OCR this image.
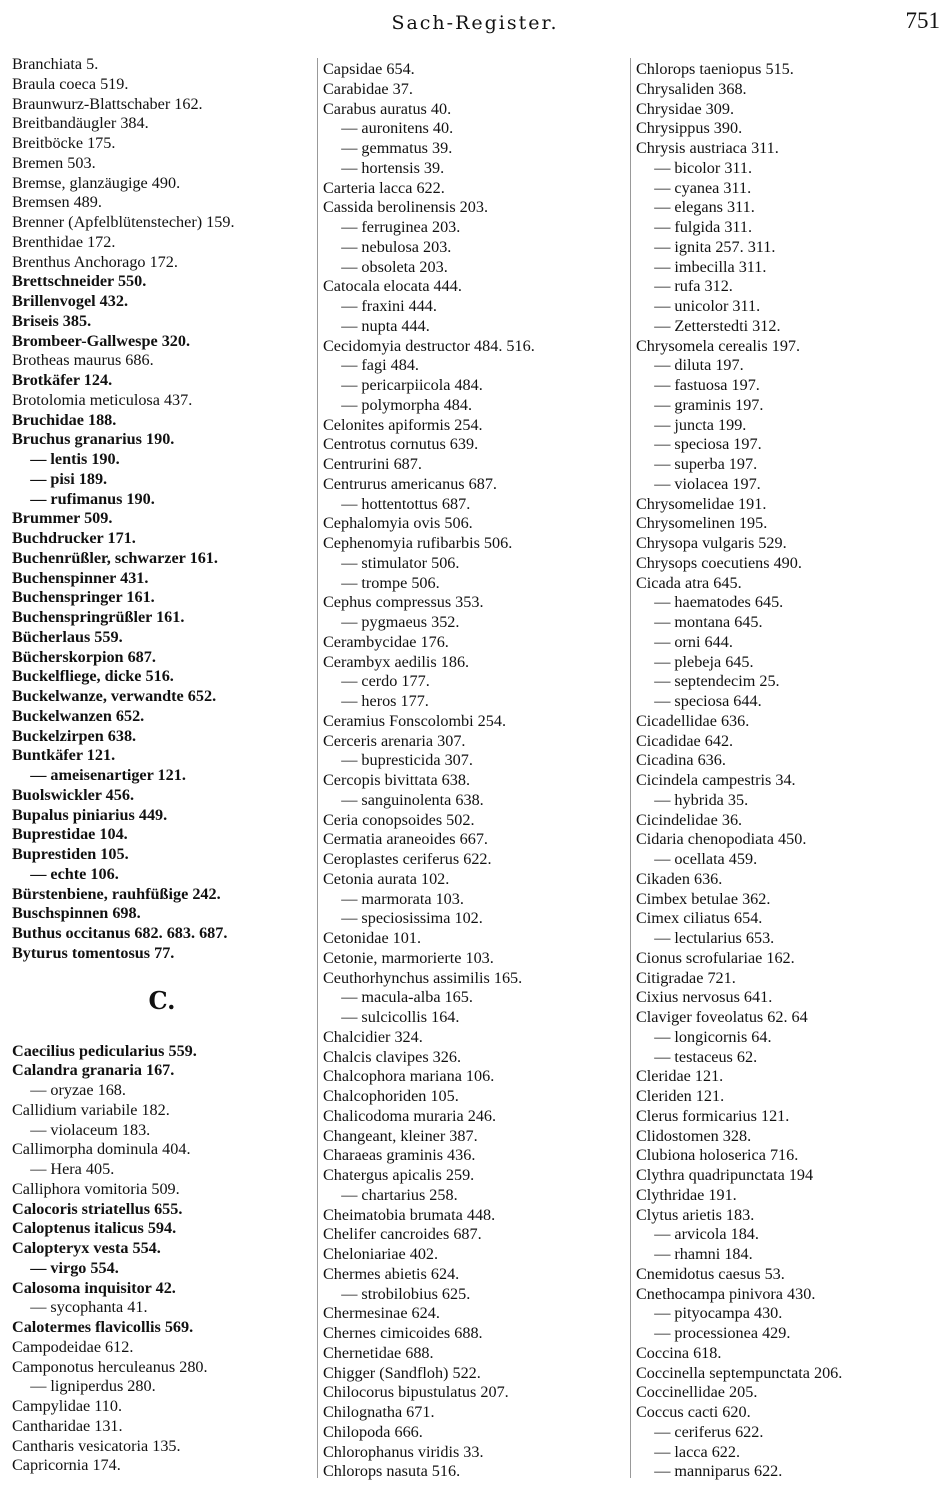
Sach-Register.	751
Branchiata 5.
Braula coeca 519.
Braunwurz-Blattschaber 162.
Breitbandäugler 384.
Breitböcke 175.
Bremen 503.
Bremse, glanzäugige 490.
Bremsen 489.
Brenner (Apfelblütenstecher) 159.
Brenthidae 172.
Brenthus Anchorago 172.
Brettschneider 550.
Brillenvogel 432.
Briseis 385.
Brombeer-Gallwespe 320.
Brotheas maurus 686.
Brotkäfer 124.
Brotolomia meticulosa 437.
Bruchidae 188.
Bruchus granarius 190.
 — lentis 190.
 — pisi 189.
 — rufimanus 190.
Brummer 509.
Buchdrucker 171.
Buchenrüßler, schwarzer 161.
Buchenspinner 431.
Buchenspringer 161.
Buchenspringrüßler 161.
Bücherlaus 559.
Bücherskorpion 687.
Buckelfliege, dicke 516.
Buckelwanze, verwandte 652.
Buckelwanzen 652.
Buckelzirpen 638.
Buntkäfer 121.
 — ameisenartiger 121.
Buolswickler 456.
Bupalus piniarius 449.
Buprestidae 104.
Buprestiden 105.
 — echte 106.
Bürstenbiene, rauhfüßige 242.
Buschspinnen 698.
Buthus occitanus 682. 683. 687.
Byturus tomentosus 77.
C.
Caecilius pedicularius 559.
Calandra granaria 167.
 — oryzae 168.
Callidium variabile 182.
 — violaceum 183.
Callimorpha dominula 404.
 — Hera 405.
Calliphora vomitoria 509.
Calocoris striatellus 655.
Caloptenus italicus 594.
Calopteryx vesta 554.
 — virgo 554.
Calosoma inquisitor 42.
 — sycophanta 41.
Calotermes flavicollis 569.
Campodeidae 612.
Camponotus herculeanus 280.
 — ligniperdus 280.
Campylidae 110.
Cantharidae 131.
Cantharis vesicatoria 135.
Capricornia 174.
Capsidae 654.
Carabidae 37.
Carabus auratus 40.
 — auronitens 40.
 — gemmatus 39.
 — hortensis 39.
Carteria lacca 622.
Cassida berolinensis 203.
 — ferruginea 203.
 — nebulosa 203.
 — obsoleta 203.
Catocala elocata 444.
 — fraxini 444.
 — nupta 444.
Cecidomyia destructor 484. 516.
 — fagi 484.
 — pericarpiicola 484.
 — polymorpha 484.
Celonites apiformis 254.
Centrotus cornutus 639.
Centrurini 687.
Centrurus americanus 687.
 — hottentottus 687.
Cephalomyia ovis 506.
Cephenomyia rufibarbis 506.
 — stimulator 506.
 — trompe 506.
Cephus compressus 353.
 — pygmaeus 352.
Cerambycidae 176.
Cerambyx aedilis 186.
 — cerdo 177.
 — heros 177.
Ceramius Fonscolombi 254.
Cerceris arenaria 307.
 — bupresticida 307.
Cercopis bivittata 638.
 — sanguinolenta 638.
Ceria conopsoides 502.
Cermatia araneoides 667.
Ceroplastes ceriferus 622.
Cetonia aurata 102.
 — marmorata 103.
 — speciosissima 102.
Cetonidae 101.
Cetonie, marmorierte 103.
Ceuthorhynchus assimilis 165.
 — macula-alba 165.
 — sulcicollis 164.
Chalcidier 324.
Chalcis clavipes 326.
Chalcophora mariana 106.
Chalcophoriden 105.
Chalicodoma muraria 246.
Changeant, kleiner 387.
Charaeas graminis 436.
Chatergus apicalis 259.
 — chartarius 258.
Cheimatobia brumata 448.
Chelifer cancroides 687.
Cheloniariae 402.
Chermes abietis 624.
 — strobilobius 625.
Chermesinae 624.
Chernes cimicoides 688.
Chernetidae 688.
Chigger (Sandfloh) 522.
Chilocorus bipustulatus 207.
Chilognatha 671.
Chilopoda 666.
Chlorophanus viridis 33.
Chlorops nasuta 516.
Chlorops taeniopus 515.
Chrysaliden 368.
Chrysidae 309.
Chrysippus 390.
Chrysis austriaca 311.
 — bicolor 311.
 — cyanea 311.
 — elegans 311.
 — fulgida 311.
 — ignita 257. 311.
 — imbecilla 311.
 — rufa 312.
 — unicolor 311.
 — Zetterstedti 312.
Chrysomela cerealis 197.
 — diluta 197.
 — fastuosa 197.
 — graminis 197.
 — juncta 199.
 — speciosa 197.
 — superba 197.
 — violacea 197.
Chrysomelidae 191.
Chrysomelinen 195.
Chrysopa vulgaris 529.
Chrysops coecutiens 490.
Cicada atra 645.
 — haematodes 645.
 — montana 645.
 — orni 644.
 — plebeja 645.
 — septendecim 25.
 — speciosa 644.
Cicadellidae 636.
Cicadidae 642.
Cicadina 636.
Cicindela campestris 34.
 — hybrida 35.
Cicindelidae 36.
Cidaria chenopodiata 450.
 — ocellata 459.
Cikaden 636.
Cimbex betulae 362.
Cimex ciliatus 654.
 — lectularius 653.
Cionus scrofulariae 162.
Citigradae 721.
Cixius nervosus 641.
Claviger foveolatus 62. 64
 — longicornis 64.
 — testaceus 62.
Cleridae 121.
Cleriden 121.
Clerus formicarius 121.
Clidostomen 328.
Clubiona holoserica 716.
Clythra quadripunctata 194
Clythridae 191.
Clytus arietis 183.
 — arvicola 184.
 — rhamni 184.
Cnemidotus caesus 53.
Cnethocampa pinivora 430.
 — pityocampa 430.
 — processionea 429.
Coccina 618.
Coccinella septempunctata 206.
Coccinellidae 205.
Coccus cacti 620.
 — ceriferus 622.
 — lacca 622.
 — manniparus 622.
